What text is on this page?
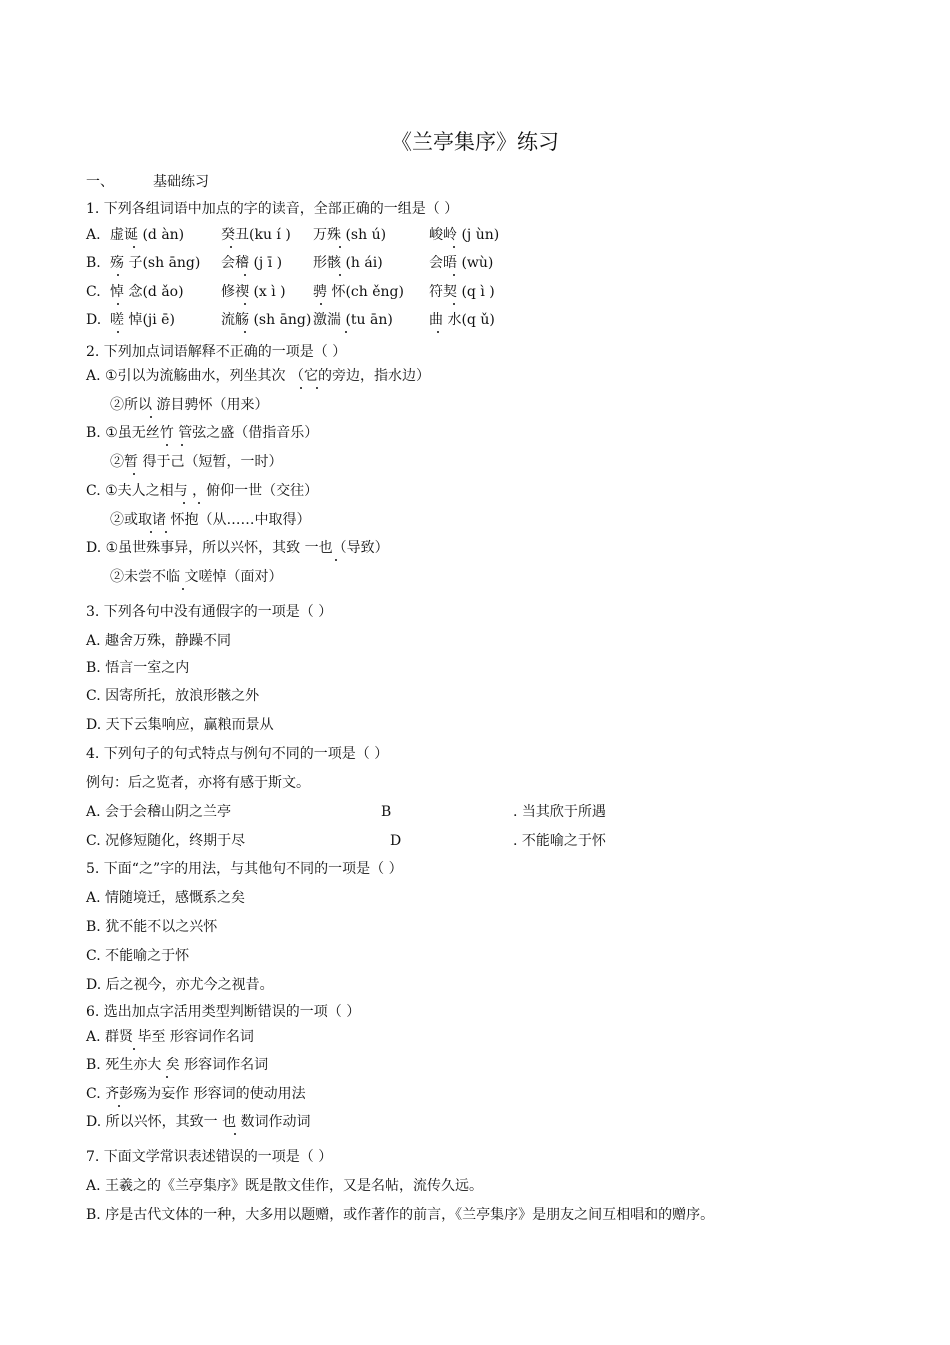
《兰亭集序》练习
一、	基础练习
1. 下列各组词语中加点的字的读音，全部正确的一组是（ ）
A. 虚诞 (d àn)	癸丑(ku í ) 万殊 (sh ú)	峻岭 (j ùn)
B. 殇 子(sh āng) 会稽 (j ī ) 形骸 (h ái)	会晤 (wù)
C. 悼 念(d ǎo)	修禊 (x ì ) 骋 怀(ch ěng) 符契 (q ì )
D. 嗟 悼(ji ē)	流觞 (sh āng) 激湍 (tu ān)	曲 水(q ǔ)
2. 下列加点词语解释不正确的一项是（ ）
A. ①引以为流觞曲水，列坐其次 （它的旁边，指水边）
②所以 游目骋怀（用来）
B. ①虽无丝竹 管弦之盛（借指音乐）
②暂 得于己（短暂，一时）
C. ①夫人之相与 ，俯仰一世（交往）
②或取诸 怀抱（从……中取得）
D. ①虽世殊事异，所以兴怀，其致 一也（导致）
②未尝不临 文嗟悼（面对）
3. 下列各句中没有通假字的一项是（ ）
A. 趣舍万殊，静躁不同
B. 悟言一室之内
C. 因寄所托，放浪形骸之外
D. 天下云集响应，赢粮而景从
4. 下列句子的句式特点与例句不同的一项是（ ）
例句：后之览者，亦将有感于斯文。
A. 会于会稽山阴之兰亭	B	. 当其欣于所遇
C. 况修短随化，终期于尽	D	. 不能喻之于怀
5. 下面“之”字的用法，与其他句不同的一项是（ ）
A. 情随境迁，感慨系之矣
B. 犹不能不以之兴怀
C. 不能喻之于怀
D. 后之视今，亦尤今之视昔。
6. 选出加点字活用类型判断错误的一项（ ）
A. 群贤 毕至 形容词作名词
B. 死生亦大 矣 形容词作名词
C. 齐彭殇为妄作 形容词的使动用法
D. 所以兴怀，其致一 也 数词作动词
7. 下面文学常识表述错误的一项是（ ）
A. 王羲之的《兰亭集序》既是散文佳作，又是名帖，流传久远。
B. 序是古代文体的一种，大多用以题赠，或作著作的前言，《兰亭集序》是朋友之间互相唱和的赠序。
